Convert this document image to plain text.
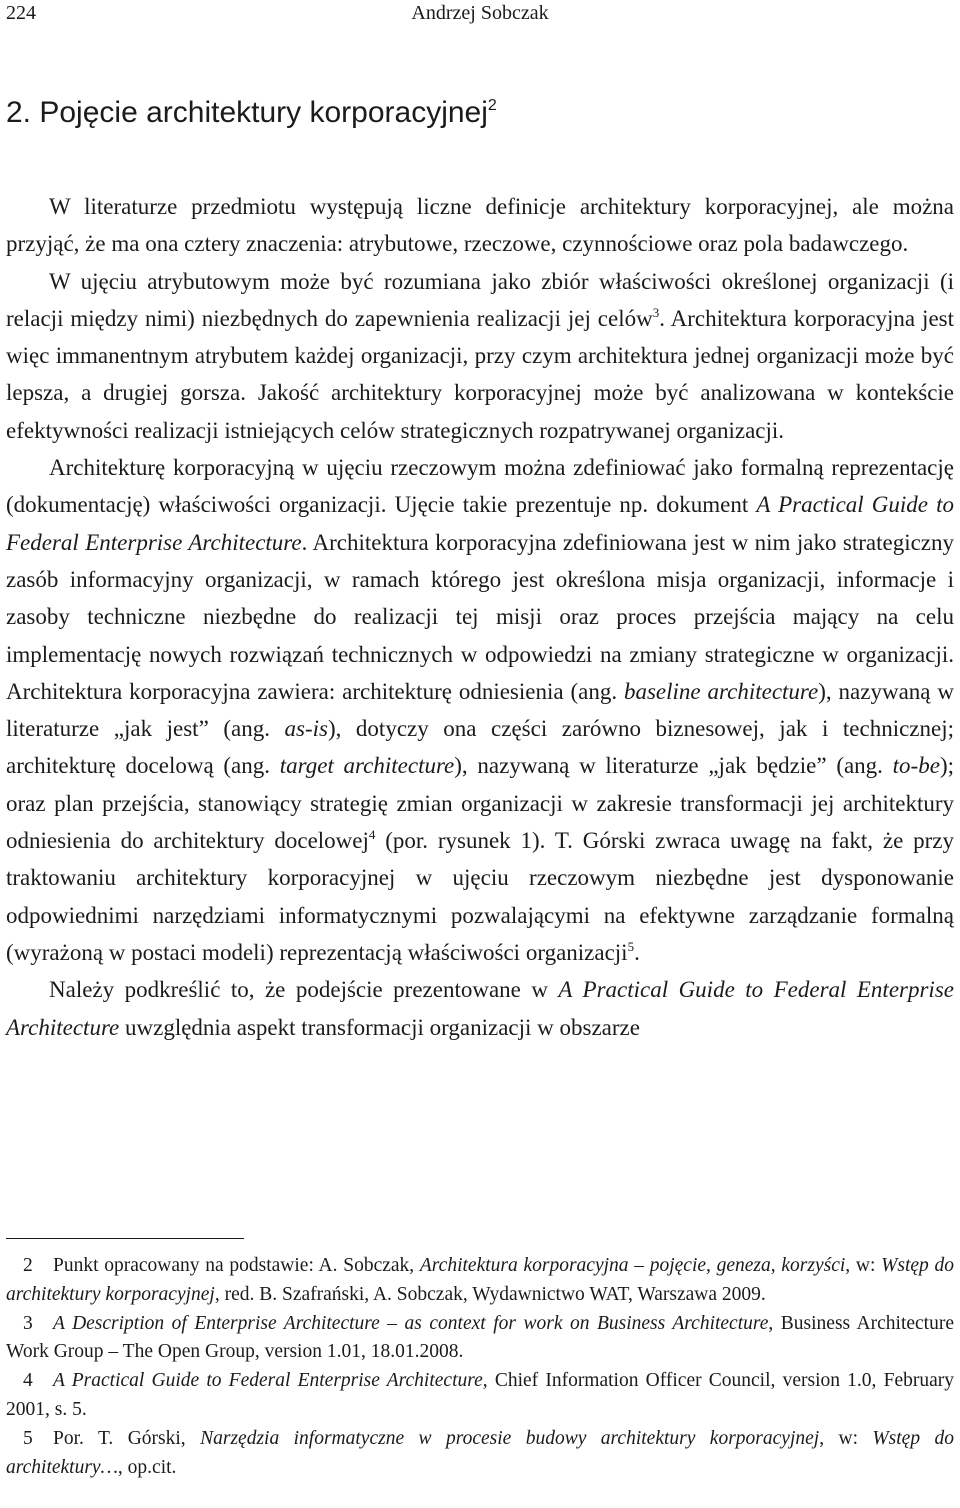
224	Andrzej Sobczak
2. Pojęcie architektury korporacyjnej$^2$

W literaturze przedmiotu występują liczne definicje architektury korporacyjnej, ale można przyjąć, że ma ona cztery znaczenia: atrybutowe, rzeczowe, czynnościowe oraz pola badawczego.

W ujęciu atrybutowym może być rozumiana jako zbiór właściwości określonej organizacji (i relacji między nimi) niezbędnych do zapewnienia realizacji jej celów$^3$. Architektura korporacyjna jest więc immanentnym atrybutem każdej organizacji, przy czym architektura jednej organizacji może być lepsza, a drugiej gorsza. Jakość architektury korporacyjnej może być analizowana w kontekście efektywności realizacji istniejących celów strategicznych rozpatrywanej organizacji.

Architekturę korporacyjną w ujęciu rzeczowym można zdefiniować jako formalną reprezentację (dokumentację) właściwości organizacji. Ujęcie takie prezentuje np. dokument A Practical Guide to Federal Enterprise Architecture. Architektura korporacyjna zdefiniowana jest w nim jako strategiczny zasób informacyjny organizacji, w ramach którego jest określona misja organizacji, informacje i zasoby techniczne niezbędne do realizacji tej misji oraz proces przejścia mający na celu implementację nowych rozwiązań technicznych w odpowiedzi na zmiany strategiczne w organizacji. Architektura korporacyjna zawiera: architekturę odniesienia (ang. baseline architecture), nazywaną w literaturze „jak jest” (ang. as-is), dotyczy ona części zarówno biznesowej, jak i technicznej; architekturę docelową (ang. target architecture), nazywaną w literaturze „jak będzie” (ang. to-be); oraz plan przejścia, stanowiący strategię zmian organizacji w zakresie transformacji jej architektury odniesienia do architektury docelowej$^4$ (por. rysunek 1). T. Górski zwraca uwagę na fakt, że przy traktowaniu architektury korporacyjnej w ujęciu rzeczowym niezbędne jest dysponowanie odpowiednimi narzędziami informatycznymi pozwalającymi na efektywne zarządzanie formalną (wyrażoną w postaci modeli) reprezentacją właściwości organizacji$^5$.

Należy podkreślić to, że podejście prezentowane w A Practical Guide to Federal Enterprise Architecture uwzględnia aspekt transformacji organizacji w obszarze

2 Punkt opracowany na podstawie: A. Sobczak, Architektura korporacyjna – pojęcie, geneza, korzyści, w: Wstęp do architektury korporacyjnej, red. B. Szafrański, A. Sobczak, Wydawnictwo WAT, Warszawa 2009.

3 A Description of Enterprise Architecture – as context for work on Business Architecture, Business Architecture Work Group – The Open Group, version 1.01, 18.01.2008.

4 A Practical Guide to Federal Enterprise Architecture, Chief Information Officer Council, version 1.0, February 2001, s. 5.

5 Por. T. Górski, Narzędzia informatyczne w procesie budowy architektury korporacyjnej, w: Wstęp do architektury…, op.cit.
